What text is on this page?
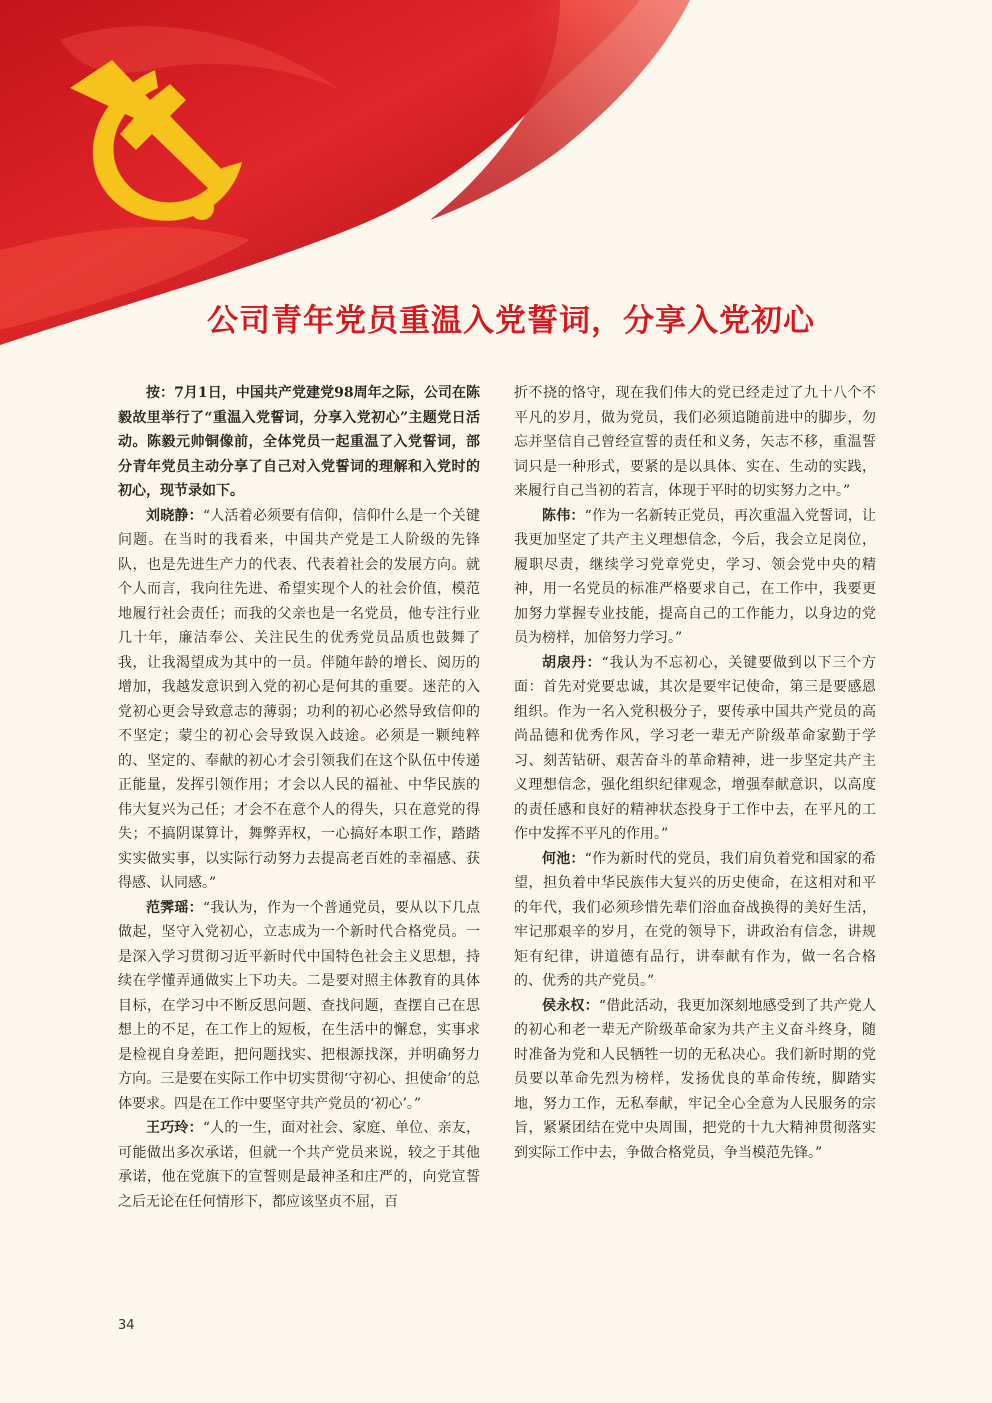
公司青年党员重温入党誓词，分享入党初心

按：7月1日，中国共产党建党98周年之际，公司在陈毅故里举行了“重温入党誓词，分享入党初心”主题党日活动。陈毅元帅铜像前，全体党员一起重温了入党誓词，部分青年党员主动分享了自己对入党誓词的理解和入党时的初心，现节录如下。

刘晓静：“人活着必须要有信仰，信仰什么是一个关键问题。在当时的我看来，中国共产党是工人阶级的先锋队，也是先进生产力的代表、代表着社会的发展方向。就个人而言，我向往先进、希望实现个人的社会价值，模范地履行社会责任；而我的父亲也是一名党员，他专注行业几十年，廉洁奉公、关注民生的优秀党员品质也鼓舞了我，让我渴望成为其中的一员。伴随年龄的增长、阅历的增加，我越发意识到入党的初心是何其的重要。迷茫的入党初心更会导致意志的薄弱；功利的初心必然导致信仰的不坚定；蒙尘的初心会导致误入歧途。必须是一颗纯粹的、坚定的、奉献的初心才会引领我们在这个队伍中传递正能量，发挥引领作用；才会以人民的福祉、中华民族的伟大复兴为己任；才会不在意个人的得失，只在意党的得失；不搞阴谋算计，舞弊弄权，一心搞好本职工作，踏踏实实做实事，以实际行动努力去提高老百姓的幸福感、获得感、认同感。”

范霁瑶：“我认为，作为一个普通党员，要从以下几点做起，坚守入党初心，立志成为一个新时代合格党员。一是深入学习贯彻习近平新时代中国特色社会主义思想，持续在学懂弄通做实上下功夫。二是要对照主体教育的具体目标，在学习中不断反思问题、查找问题，查摆自己在思想上的不足，在工作上的短板，在生活中的懈怠，实事求是检视自身差距，把问题找实、把根源找深，并明确努力方向。三是要在实际工作中切实贯彻‘守初心、担使命’的总体要求。四是在工作中要坚守共产党员的‘初心’。”

王巧玲：“人的一生，面对社会、家庭、单位、亲友，可能做出多次承诺，但就一个共产党员来说，较之于其他承诺，他在党旗下的宣誓则是最神圣和庄严的，向党宣誓之后无论在任何情形下，都应该坚贞不屈，百

折不挠的恪守，现在我们伟大的党已经走过了九十八个不平凡的岁月，做为党员，我们必须追随前进中的脚步，勿忘并坚信自己曾经宣誓的责任和义务，矢志不移，重温誓词只是一种形式，要紧的是以具体、实在、生动的实践，来履行自己当初的若言，体现于平时的切实努力之中。”

陈伟：“作为一名新转正党员，再次重温入党誓词，让我更加坚定了共产主义理想信念，今后，我会立足岗位，履职尽责，继续学习党章党史，学习、领会党中央的精神，用一名党员的标准严格要求自己，在工作中，我要更加努力掌握专业技能，提高自己的工作能力，以身边的党员为榜样，加倍努力学习。”

胡扆丹：“我认为不忘初心，关键要做到以下三个方面：首先对党要忠诚，其次是要牢记使命，第三是要感恩组织。作为一名入党积极分子，要传承中国共产党员的高尚品德和优秀作风，学习老一辈无产阶级革命家勤于学习、刻苦钻研、艰苦奋斗的革命精神，进一步坚定共产主义理想信念，强化组织纪律观念，增强奉献意识，以高度的责任感和良好的精神状态投身于工作中去，在平凡的工作中发挥不平凡的作用。”

何池：“作为新时代的党员，我们肩负着党和国家的希望，担负着中华民族伟大复兴的历史使命，在这相对和平的年代，我们必须珍惜先辈们浴血奋战换得的美好生活，牢记那艰辛的岁月，在党的领导下，讲政治有信念，讲规矩有纪律，讲道德有品行，讲奉献有作为，做一名合格的、优秀的共产党员。”

侯永权：“借此活动，我更加深刻地感受到了共产党人的初心和老一辈无产阶级革命家为共产主义奋斗终身，随时准备为党和人民牺牲一切的无私决心。我们新时期的党员要以革命先烈为榜样，发扬优良的革命传统，脚踏实地，努力工作，无私奉献，牢记全心全意为人民服务的宗旨，紧紧团结在党中央周围，把党的十九大精神贯彻落实到实际工作中去，争做合格党员，争当模范先锋。”

34
